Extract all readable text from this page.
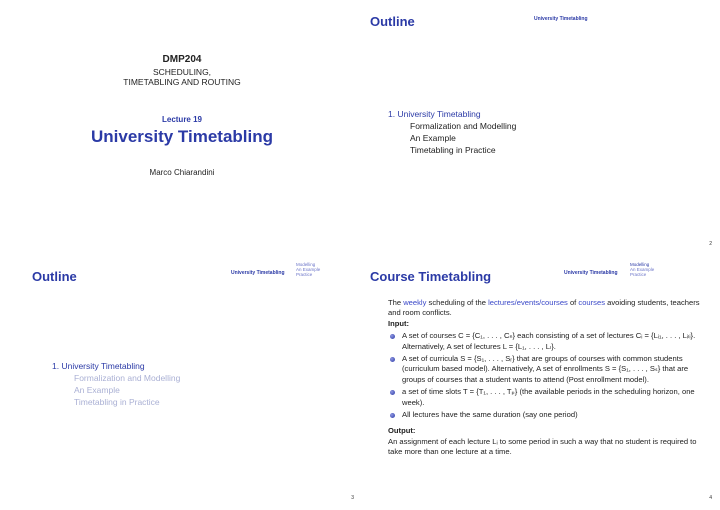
DMP204
SCHEDULING,
TIMETABLING AND ROUTING
Lecture 19
University Timetabling
Marco Chiarandini
Outline	University Timetabling
1. University Timetabling
Formalization and Modelling
An Example
Timetabling in Practice
2
Outline	University Timetabling
Modelling
An Example
Practice
1. University Timetabling
Formalization and Modelling
An Example
Timetabling in Practice
3
Course Timetabling	University Timetabling
Modelling
An Example
Practice
The weekly scheduling of the lectures/events/courses of courses avoiding students, teachers and room conflicts.
Input:
A set of courses C = {C₁, . . . , Cₙ} each consisting of a set of lectures Cᵢ = {Lᵢ₁, . . . , Lᵢₗᵢ}. Alternatively, A set of lectures L = {L₁, . . . , Lₗ}.
A set of curricula S = {S₁, . . . , Sᵣ} that are groups of courses with common students (curriculum based model). Alternatively, A set of enrollments S = {S₁, . . . , Sₛ} that are groups of courses that a student wants to attend (Post enrollment model).
a set of time slots T = {T₁, . . . , Tₚ} (the available periods in the scheduling horizon, one week).
All lectures have the same duration (say one period)
Output:
An assignment of each lecture Lᵢ to some period in such a way that no student is required to take more than one lecture at a time.
4
